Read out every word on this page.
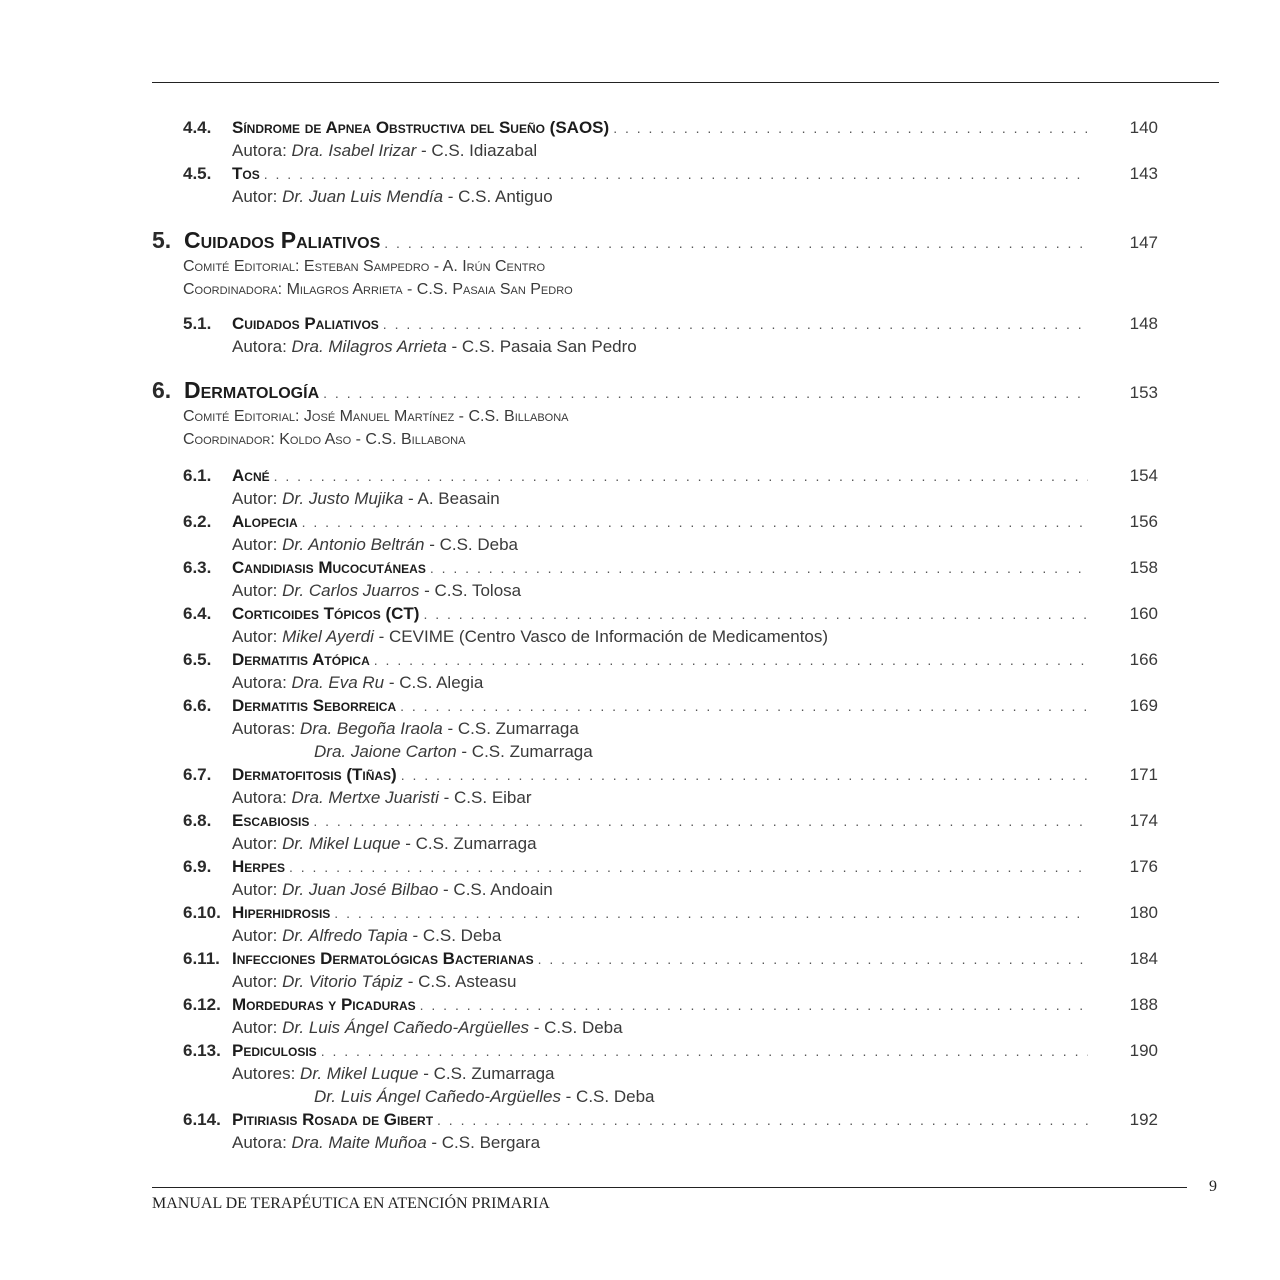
4.4.	Síndrome de Apnea Obstructiva del Sueño (SAOS) . . .	140
Autora: Dra. Isabel Irizar - C.S. Idiazabal
4.5.	Tos . . .	143
Autor: Dr. Juan Luis Mendía - C.S. Antiguo
5. Cuidados Paliativos . . .	147
Comité Editorial: Esteban Sampedro - A. Irún Centro
Coordinadora: Milagros Arrieta - C.S. Pasaia San Pedro
5.1.	Cuidados Paliativos . . .	148
Autora: Dra. Milagros Arrieta - C.S. Pasaia San Pedro
6. Dermatología . . .	153
Comité Editorial: José Manuel Martínez - C.S. Billabona
Coordinador: Koldo Aso - C.S. Billabona
6.1.	Acné . . .	154
Autor: Dr. Justo Mujika - A. Beasain
6.2.	Alopecia . . .	156
Autor: Dr. Antonio Beltrán - C.S. Deba
6.3.	Candidiasis Mucocutáneas . . .	158
Autor: Dr. Carlos Juarros - C.S. Tolosa
6.4.	Corticoides Tópicos (CT) . . .	160
Autor: Mikel Ayerdi - CEVIME (Centro Vasco de Información de Medicamentos)
6.5.	Dermatitis Atópica . . .	166
Autora: Dra. Eva Ru - C.S. Alegia
6.6.	Dermatitis Seborreica . . .	169
Autoras: Dra. Begoña Iraola - C.S. Zumarraga
Dra. Jaione Carton - C.S. Zumarraga
6.7.	Dermatofitosis (Tiñas) . . .	171
Autora: Dra. Mertxe Juaristi - C.S. Eibar
6.8.	Escabiosis . . .	174
Autor: Dr. Mikel Luque - C.S. Zumarraga
6.9.	Herpes . . .	176
Autor: Dr. Juan José Bilbao - C.S. Andoain
6.10. Hiperhidrosis . . .	180
Autor: Dr. Alfredo Tapia - C.S. Deba
6.11. Infecciones Dermatológicas Bacterianas . . .	184
Autor: Dr. Vitorio Tápiz - C.S. Asteasu
6.12. Mordeduras y Picaduras . . .	188
Autor: Dr. Luis Ángel Cañedo-Argüelles - C.S. Deba
6.13. Pediculosis . . .	190
Autores: Dr. Mikel Luque - C.S. Zumarraga
Dr. Luis Ángel Cañedo-Argüelles - C.S. Deba
6.14. Pitiriasis Rosada de Gibert . . .	192
Autora: Dra. Maite Muñoa - C.S. Bergara
9
MANUAL DE TERAPÉUTICA EN ATENCIÓN PRIMARIA
